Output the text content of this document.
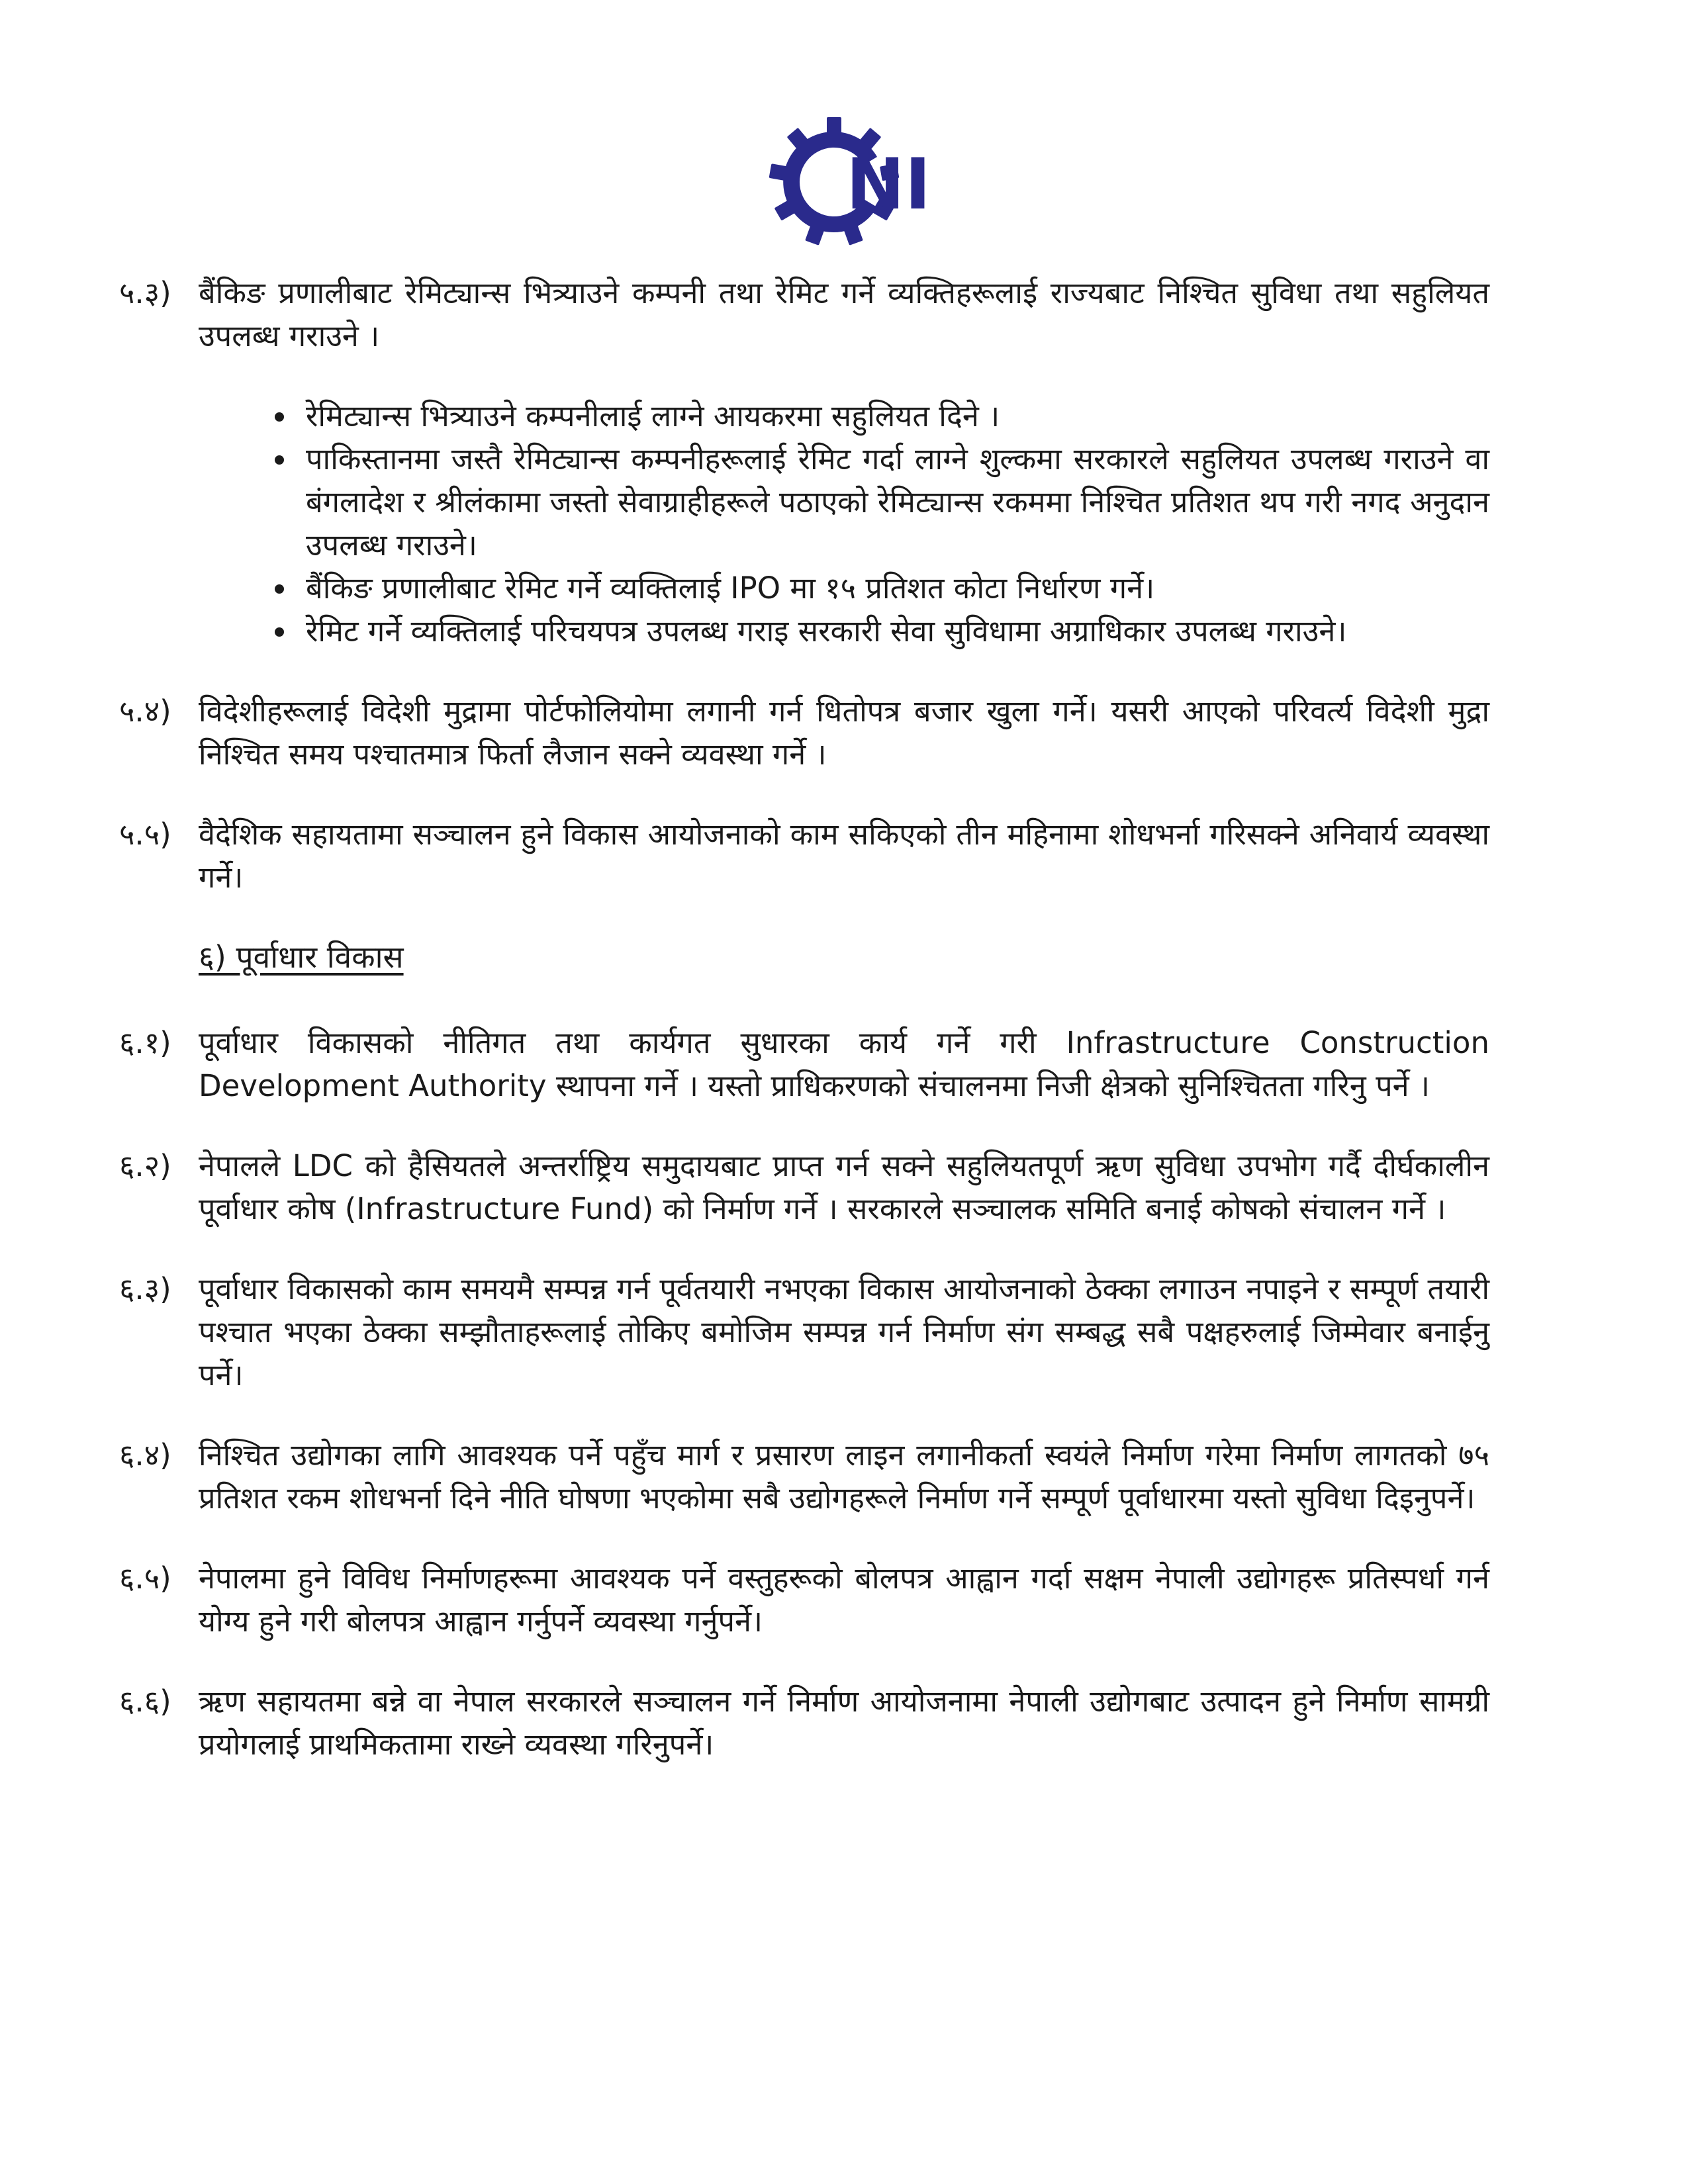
NI

५.३) बैंकिङ प्रणालीबाट रेमिट्यान्स भित्र्याउने कम्पनी तथा रेमिट गर्ने व्यक्तिहरूलाई राज्यबाट निश्चित सुविधा तथा सहुलियत उपलब्ध गराउने ।

• रेमिट्यान्स भित्र्याउने कम्पनीलाई लाग्ने आयकरमा सहुलियत दिने ।
• पाकिस्तानमा जस्तै रेमिट्यान्स कम्पनीहरूलाई रेमिट गर्दा लाग्ने शुल्कमा सरकारले सहुलियत उपलब्ध गराउने वा बंगलादेश र श्रीलंकामा जस्तो सेवाग्राहीहरूले पठाएको रेमिट्यान्स रकममा निश्चित प्रतिशत थप गरी नगद अनुदान उपलब्ध गराउने।
• बैंकिङ प्रणालीबाट रेमिट गर्ने व्यक्तिलाई IPO मा १५ प्रतिशत कोटा निर्धारण गर्ने।
• रेमिट गर्ने व्यक्तिलाई परिचयपत्र उपलब्ध गराइ सरकारी सेवा सुविधामा अग्राधिकार उपलब्ध गराउने।

५.४) विदेशीहरूलाई विदेशी मुद्रामा पोर्टफोलियोमा लगानी गर्न धितोपत्र बजार खुला गर्ने। यसरी आएको परिवर्त्य विदेशी मुद्रा निश्चित समय पश्चातमात्र फिर्ता लैजान सक्ने व्यवस्था गर्ने ।

५.५) वैदेशिक सहायतामा सञ्चालन हुने विकास आयोजनाको काम सकिएको तीन महिनामा शोधभर्ना गरिसक्ने अनिवार्य व्यवस्था गर्ने।

६) पूर्वाधार विकास

६.१) पूर्वाधार विकासको नीतिगत तथा कार्यगत सुधारका कार्य गर्ने गरी Infrastructure Construction Development Authority स्थापना गर्ने । यस्तो प्राधिकरणको संचालनमा निजी क्षेत्रको सुनिश्चितता गरिनु पर्ने ।

६.२) नेपालले LDC को हैसियतले अन्तर्राष्ट्रिय समुदायबाट प्राप्त गर्न सक्ने सहुलियतपूर्ण ऋण सुविधा उपभोग गर्दै दीर्घकालीन पूर्वाधार कोष (Infrastructure Fund) को निर्माण गर्ने । सरकारले सञ्चालक समिति बनाई कोषको संचालन गर्ने ।

६.३) पूर्वाधार विकासको काम समयमै सम्पन्न गर्न पूर्वतयारी नभएका विकास आयोजनाको ठेक्का लगाउन नपाइने र सम्पूर्ण तयारी पश्चात भएका ठेक्का सम्झौताहरूलाई तोकिए बमोजिम सम्पन्न गर्न निर्माण संग सम्बद्ध सबै पक्षहरुलाई जिम्मेवार बनाईनु पर्ने।

६.४) निश्चित उद्योगका लागि आवश्यक पर्ने पहुँच मार्ग र प्रसारण लाइन लगानीकर्ता स्वयंले निर्माण गरेमा निर्माण लागतको ७५ प्रतिशत रकम शोधभर्ना दिने नीति घोषणा भएकोमा सबै उद्योगहरूले निर्माण गर्ने सम्पूर्ण पूर्वाधारमा यस्तो सुविधा दिइनुपर्ने।

६.५) नेपालमा हुने विविध निर्माणहरूमा आवश्यक पर्ने वस्तुहरूको बोलपत्र आह्वान गर्दा सक्षम नेपाली उद्योगहरू प्रतिस्पर्धा गर्न योग्य हुने गरी बोलपत्र आह्वान गर्नुपर्ने व्यवस्था गर्नुपर्ने।

६.६) ऋण सहायतमा बन्ने वा नेपाल सरकारले सञ्चालन गर्ने निर्माण आयोजनामा नेपाली उद्योगबाट उत्पादन हुने निर्माण सामग्री प्रयोगलाई प्राथमिकतामा राख्ने व्यवस्था गरिनुपर्ने।
